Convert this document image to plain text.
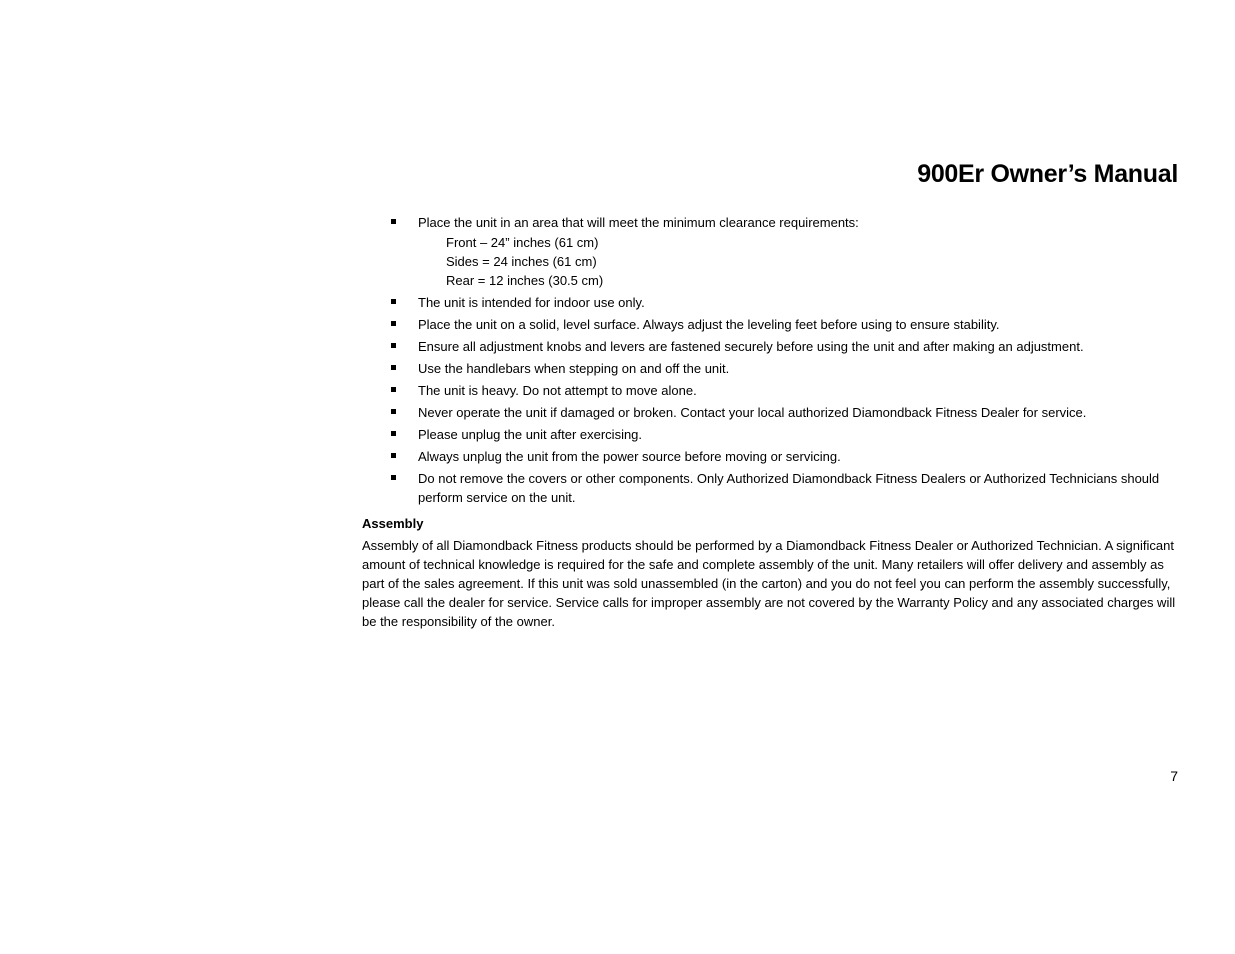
900Er Owner’s Manual
Place the unit in an area that will meet the minimum clearance requirements:
Front – 24” inches (61 cm)
Sides = 24 inches (61 cm)
Rear = 12 inches (30.5 cm)
The unit is intended for indoor use only.
Place the unit on a solid, level surface. Always adjust the leveling feet before using to ensure stability.
Ensure all adjustment knobs and levers are fastened securely before using the unit and after making an adjustment.
Use the handlebars when stepping on and off the unit.
The unit is heavy. Do not attempt to move alone.
Never operate the unit if damaged or broken. Contact your local authorized Diamondback Fitness Dealer for service.
Please unplug the unit after exercising.
Always unplug the unit from the power source before moving or servicing.
Do not remove the covers or other components. Only Authorized Diamondback Fitness Dealers or Authorized Technicians should perform service on the unit.
Assembly

Assembly of all Diamondback Fitness products should be performed by a Diamondback Fitness Dealer or Authorized Technician. A significant amount of technical knowledge is required for the safe and complete assembly of the unit. Many retailers will offer delivery and assembly as part of the sales agreement. If this unit was sold unassembled (in the carton) and you do not feel you can perform the assembly successfully, please call the dealer for service. Service calls for improper assembly are not covered by the Warranty Policy and any associated charges will be the responsibility of the owner.

7
